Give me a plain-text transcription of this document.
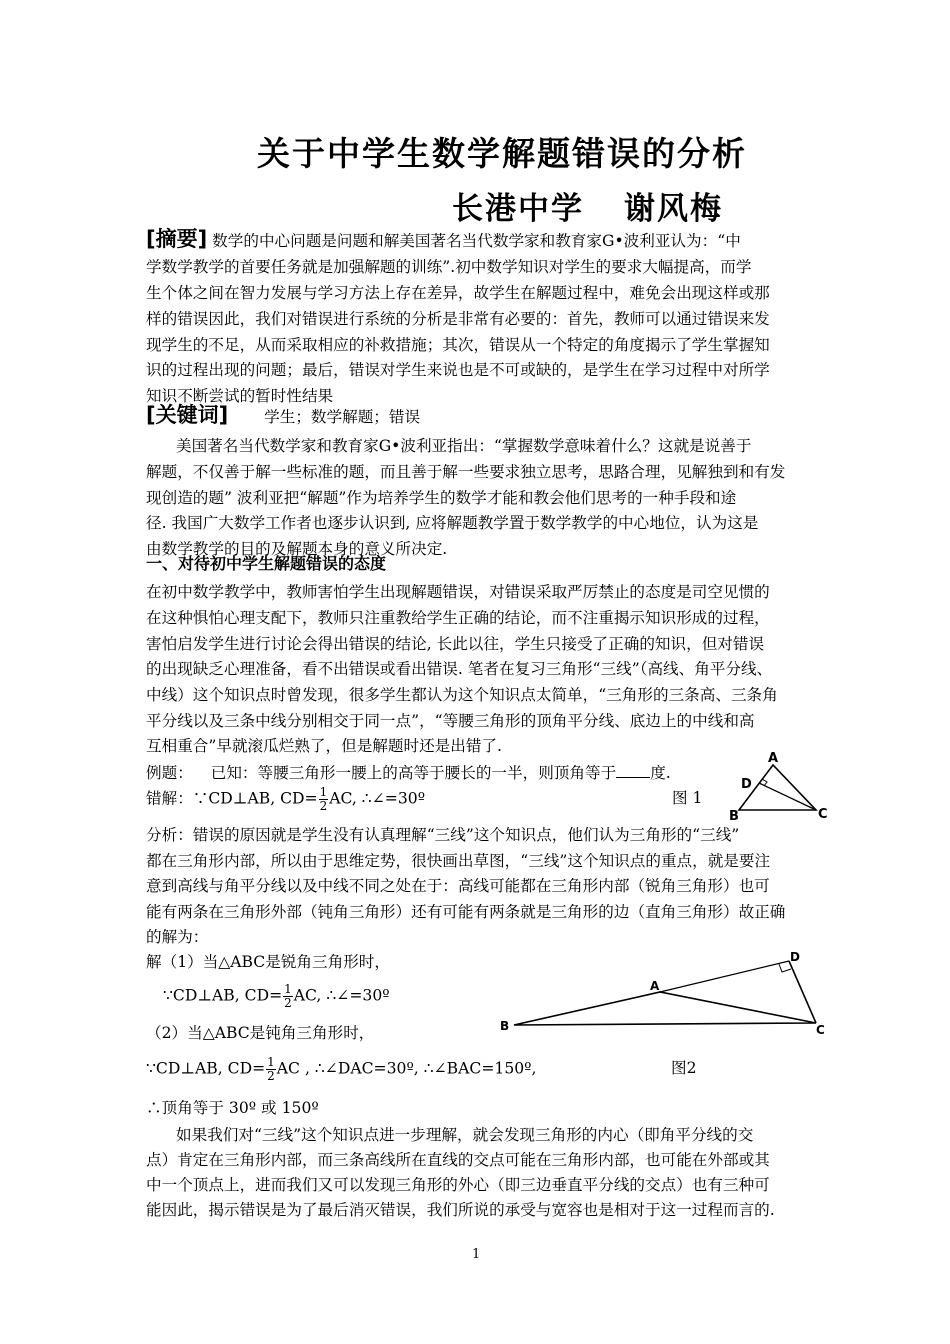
关于中学生数学解题错误的分析
长港中学 谢风梅
[摘要] 数学的中心问题是问题和解美国著名当代数学家和教育家G•波利亚认为：“中
学数学教学的首要任务就是加强解题的训练”.初中数学知识对学生的要求大幅提高，而学
生个体之间在智力发展与学习方法上存在差异，故学生在解题过程中，难免会出现这样或那
样的错误因此，我们对错误进行系统的分析是非常有必要的：首先，教师可以通过错误来发
现学生的不足，从而采取相应的补救措施；其次，错误从一个特定的角度揭示了学生掌握知
识的过程出现的问题；最后，错误对学生来说也是不可或缺的，是学生在学习过程中对所学
知识不断尝试的暂时性结果
[关键词] 学生；数学解题；错误
美国著名当代数学家和教育家G•波利亚指出：“掌握数学意味着什么？这就是说善于
解题，不仅善于解一些标准的题，而且善于解一些要求独立思考，思路合理，见解独到和有发
现创造的题” 波利亚把“解题”作为培养学生的数学才能和教会他们思考的一种手段和途
径. 我国广大数学工作者也逐步认识到, 应将解题教学置于数学教学的中心地位，认为这是
由数学教学的目的及解题本身的意义所决定.
一、对待初中学生解题错误的态度
在初中数学教学中，教师害怕学生出现解题错误，对错误采取严厉禁止的态度是司空见惯的
在这种惧怕心理支配下，教师只注重教给学生正确的结论，而不注重揭示知识形成的过程，
害怕启发学生进行讨论会得出错误的结论, 长此以往，学生只接受了正确的知识，但对错误
的出现缺乏心理准备，看不出错误或看出错误. 笔者在复习三角形“三线”（高线、角平分线、
中线）这个知识点时曾发现，很多学生都认为这个知识点太简单，“三角形的三条高、三条角
平分线以及三条中线分别相交于同一点”，“等腰三角形的顶角平分线、底边上的中线和高
互相重合”早就滚瓜烂熟了，但是解题时还是出错了.
例题： 已知：等腰三角形一腰上的高等于腰长的一半，则顶角等于 度.
错解：∵CD⊥AB, $CD= \frac{1}{2}$ AC, ∴∠=30º	图 1
A
B	C
D
分析：错误的原因就是学生没有认真理解“三线”这个知识点，他们认为三角形的“三线”
都在三角形内部，所以由于思维定势，很快画出草图，“三线”这个知识点的重点，就是要注
意到高线与角平分线以及中线不同之处在于：高线可能都在三角形内部（锐角三角形）也可
能有两条在三角形外部（钝角三角形）还有可能有两条就是三角形的边（直角三角形）故正确
的解为：
解（1）当△ABC是锐角三角形时，
∵CD⊥AB, $CD= \frac{1}{2}$ AC, ∴∠=30º
（2）当△ABC是钝角三角形时，
∵CD⊥AB, $CD= \frac{1}{2}$ AC , ∴∠DAC=30º, ∴∠BAC=150º,	图2
A
B	C
D
∴顶角等于 30º 或 150º
如果我们对“三线”这个知识点进一步理解，就会发现三角形的内心（即角平分线的交
点）肯定在三角形内部，而三条高线所在直线的交点可能在三角形内部，也可能在外部或其
中一个顶点上，进而我们又可以发现三角形的外心（即三边垂直平分线的交点）也有三种可
能因此，揭示错误是为了最后消灭错误，我们所说的承受与宽容也是相对于这一过程而言的.
1
